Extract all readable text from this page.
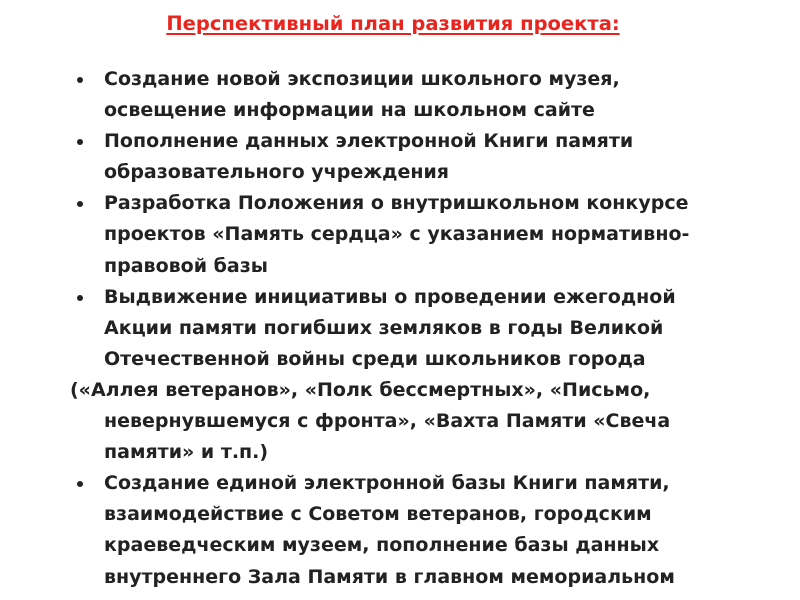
Перспективный план развития проекта:
Создание новой экспозиции школьного музея,
освещение информации на школьном сайте
Пополнение данных электронной Книги памяти
образовательного учреждения
Разработка Положения о внутришкольном конкурсе
проектов «Память сердца» с указанием нормативно-
правовой базы
Выдвижение инициативы о проведении ежегодной
Акции памяти погибших земляков в годы Великой
Отечественной войны среди школьников города
(«Аллея ветеранов», «Полк бессмертных», «Письмо,
невернувшемуся с фронта», «Вахта Памяти «Свеча
памяти» и т.п.)
Создание единой электронной базы Книги памяти,
взаимодействие с Советом ветеранов, городским
краеведческим музеем, пополнение базы данных
внутреннего Зала Памяти в главном мемориальном
